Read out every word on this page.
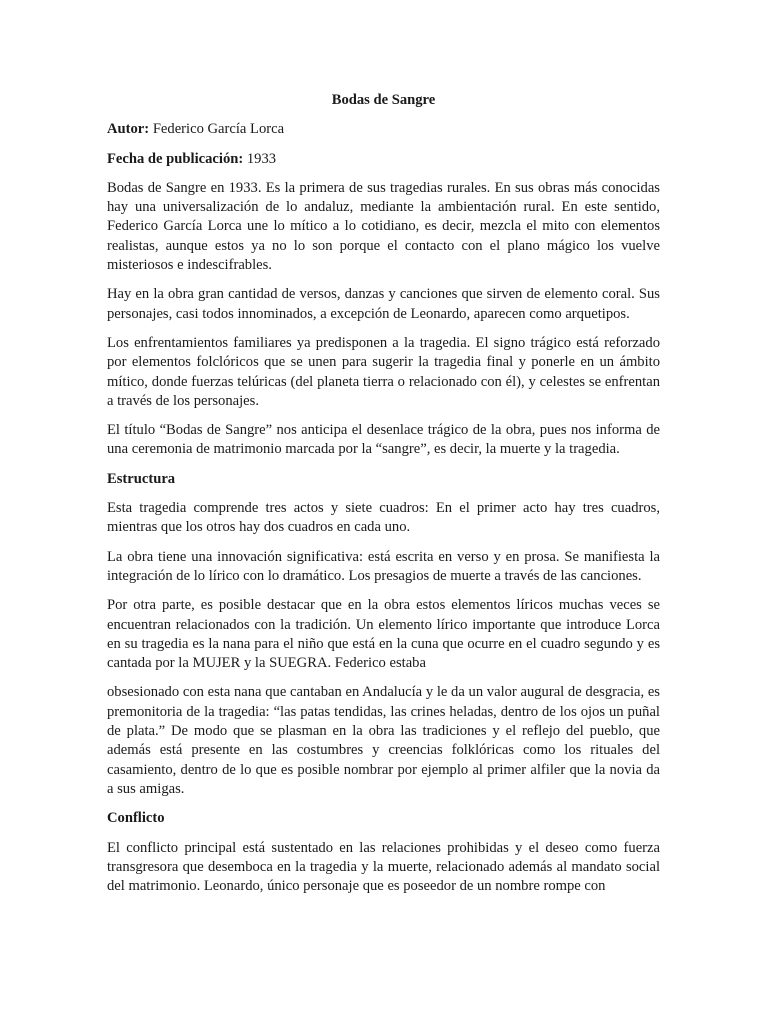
Bodas de Sangre
Autor: Federico García Lorca
Fecha de publicación: 1933

Bodas de Sangre en 1933. Es la primera de sus tragedias rurales. En sus obras más conocidas hay una universalización de lo andaluz, mediante la ambientación rural. En este sentido, Federico García Lorca une lo mítico a lo cotidiano, es decir, mezcla el mito con elementos realistas, aunque estos ya no lo son porque el contacto con el plano mágico los vuelve misteriosos e indescifrables.

Hay en la obra gran cantidad de versos, danzas y canciones que sirven de elemento coral. Sus personajes, casi todos innominados, a excepción de Leonardo, aparecen como arquetipos.

Los enfrentamientos familiares ya predisponen a la tragedia. El signo trágico está reforzado por elementos folclóricos que se unen para sugerir la tragedia final y ponerle en un ámbito mítico, donde fuerzas telúricas (del planeta tierra o relacionado con él), y celestes se enfrentan a través de los personajes.

El título “Bodas de Sangre” nos anticipa el desenlace trágico de la obra, pues nos informa de una ceremonia de matrimonio marcada por la “sangre”, es decir, la muerte y la tragedia.

Estructura

Esta tragedia comprende tres actos y siete cuadros: En el primer acto hay tres cuadros, mientras que los otros hay dos cuadros en cada uno.

La obra tiene una innovación significativa: está escrita en verso y en prosa. Se manifiesta la integración de lo lírico con lo dramático. Los presagios de muerte a través de las canciones.

Por otra parte, es posible destacar que en la obra estos elementos líricos muchas veces se encuentran relacionados con la tradición. Un elemento lírico importante que introduce Lorca en su tragedia es la nana para el niño que está en la cuna que ocurre en el cuadro segundo y es cantada por la MUJER y la SUEGRA. Federico estaba

obsesionado con esta nana que cantaban en Andalucía y le da un valor augural de desgracia, es premonitoria de la tragedia: “las patas tendidas, las crines heladas, dentro de los ojos un puñal de plata.” De modo que se plasman en la obra las tradiciones y el reflejo del pueblo, que además está presente en las costumbres y creencias folklóricas como los rituales del casamiento, dentro de lo que es posible nombrar por ejemplo al primer alfiler que la novia da a sus amigas.

Conflicto

El conflicto principal está sustentado en las relaciones prohibidas y el deseo como fuerza transgresora que desemboca en la tragedia y la muerte, relacionado además al mandato social del matrimonio. Leonardo, único personaje que es poseedor de un nombre rompe con
